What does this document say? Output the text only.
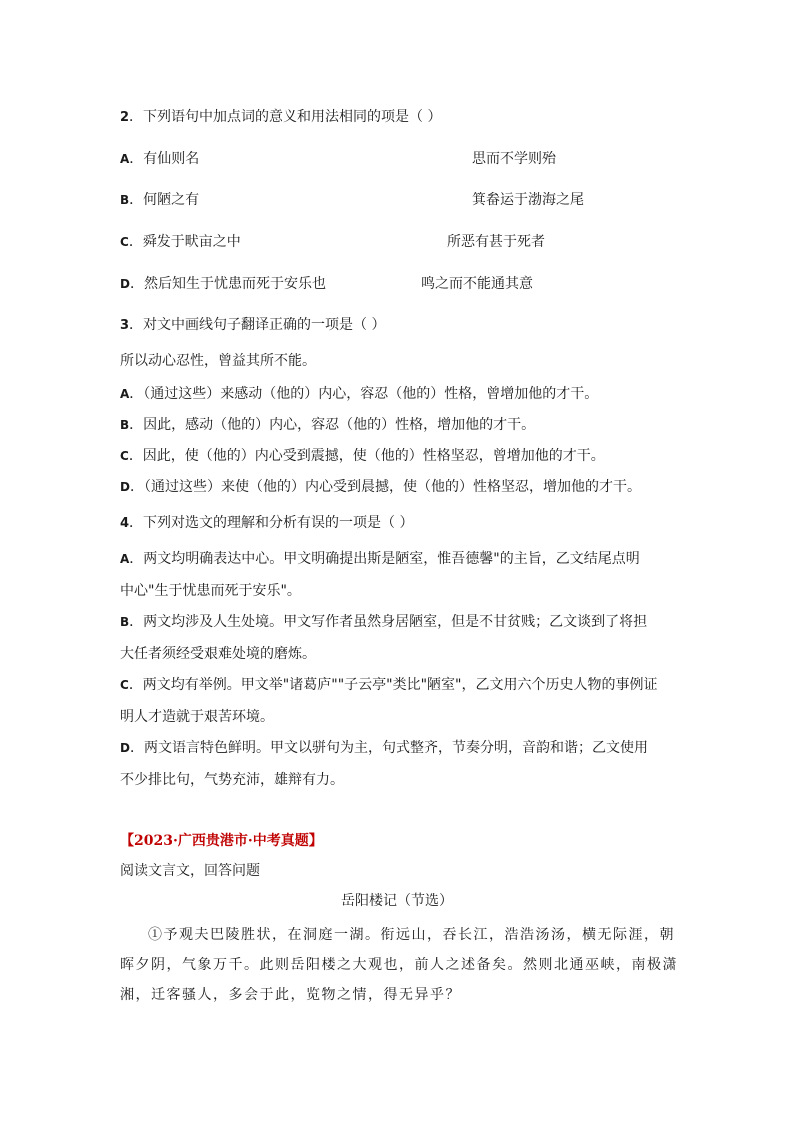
2．下列语句中加点词的意义和用法相同的项是（ ）
A．有仙则名	思而不学则殆
B．何陋之有	箕畚运于渤海之尾
C．舜发于畎亩之中	所恶有甚于死者
D．然后知生于忧患而死于安乐也	鸣之而不能通其意
3．对文中画线句子翻译正确的一项是（ ）
所以动心忍性，曾益其所不能。
A．（通过这些）来感动（他的）内心，容忍（他的）性格，曾增加他的才干。
B．因此，感动（他的）内心，容忍（他的）性格，增加他的才干。
C．因此，使（他的）内心受到震撼，使（他的）性格坚忍，曾增加他的才干。
D．（通过这些）来使（他的）内心受到晨撼，使（他的）性格坚忍，增加他的才干。
4．下列对选文的理解和分析有误的一项是（ ）
A．两文均明确表达中心。甲文明确提出斯是陋室，惟吾德馨"的主旨，乙文结尾点明
中心"生于忧患而死于安乐"。
B．两文均涉及人生处境。甲文写作者虽然身居陋室，但是不甘贫贱；乙文谈到了将担
大任者须经受艰难处境的磨炼。
C．两文均有举例。甲文举"诸葛庐""子云亭"类比"陋室"，乙文用六个历史人物的事例证
明人才造就于艰苦环境。
D．两文语言特色鲜明。甲文以骈句为主，句式整齐，节奏分明，音韵和谐；乙文使用
不少排比句，气势充沛，雄辩有力。
【2023·广西贵港市·中考真题】
阅读文言文，回答问题
岳阳楼记（节选）
①予观夫巴陵胜状，在洞庭一湖。衔远山，吞长江，浩浩汤汤，横无际涯，朝晖夕阴，气象万千。此则岳阳楼之大观也，前人之述备矣。然则北通巫峡，南极潇湘，迁客骚人，多会于此，览物之情，得无异乎？
